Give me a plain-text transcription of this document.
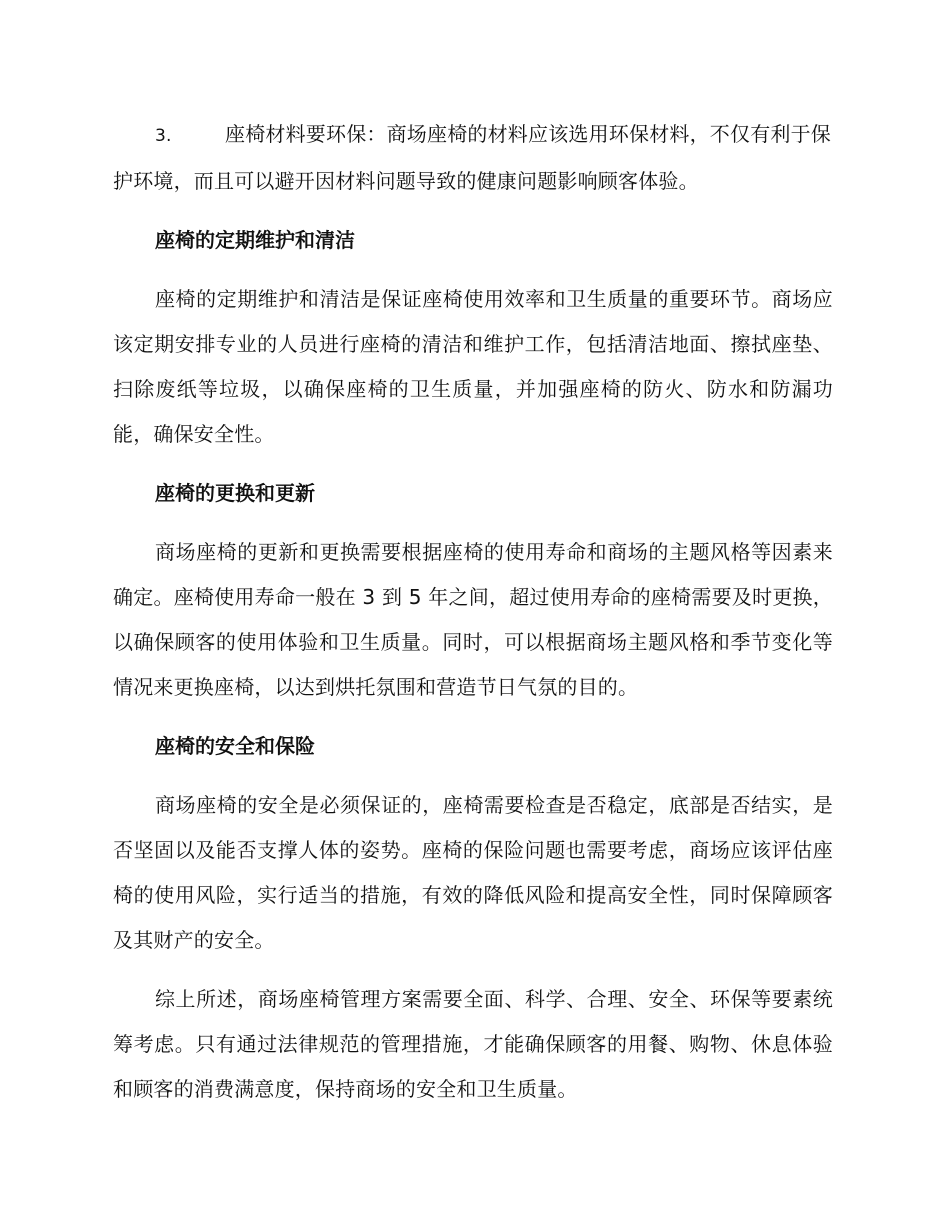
3.	座椅材料要环保：商场座椅的材料应该选用环保材料，不仅有利于保护环境，而且可以避开因材料问题导致的健康问题影响顾客体验。

座椅的定期维护和清洁

座椅的定期维护和清洁是保证座椅使用效率和卫生质量的重要环节。商场应该定期安排专业的人员进行座椅的清洁和维护工作，包括清洁地面、擦拭座垫、扫除废纸等垃圾，以确保座椅的卫生质量，并加强座椅的防火、防水和防漏功能，确保安全性。

座椅的更换和更新

商场座椅的更新和更换需要根据座椅的使用寿命和商场的主题风格等因素来确定。座椅使用寿命一般在 3 到 5 年之间，超过使用寿命的座椅需要及时更换，以确保顾客的使用体验和卫生质量。同时，可以根据商场主题风格和季节变化等情况来更换座椅，以达到烘托氛围和营造节日气氛的目的。

座椅的安全和保险

商场座椅的安全是必须保证的，座椅需要检查是否稳定，底部是否结实，是否坚固以及能否支撑人体的姿势。座椅的保险问题也需要考虑，商场应该评估座椅的使用风险，实行适当的措施，有效的降低风险和提高安全性，同时保障顾客及其财产的安全。

综上所述，商场座椅管理方案需要全面、科学、合理、安全、环保等要素统筹考虑。只有通过法律规范的管理措施，才能确保顾客的用餐、购物、休息体验和顾客的消费满意度，保持商场的安全和卫生质量。
